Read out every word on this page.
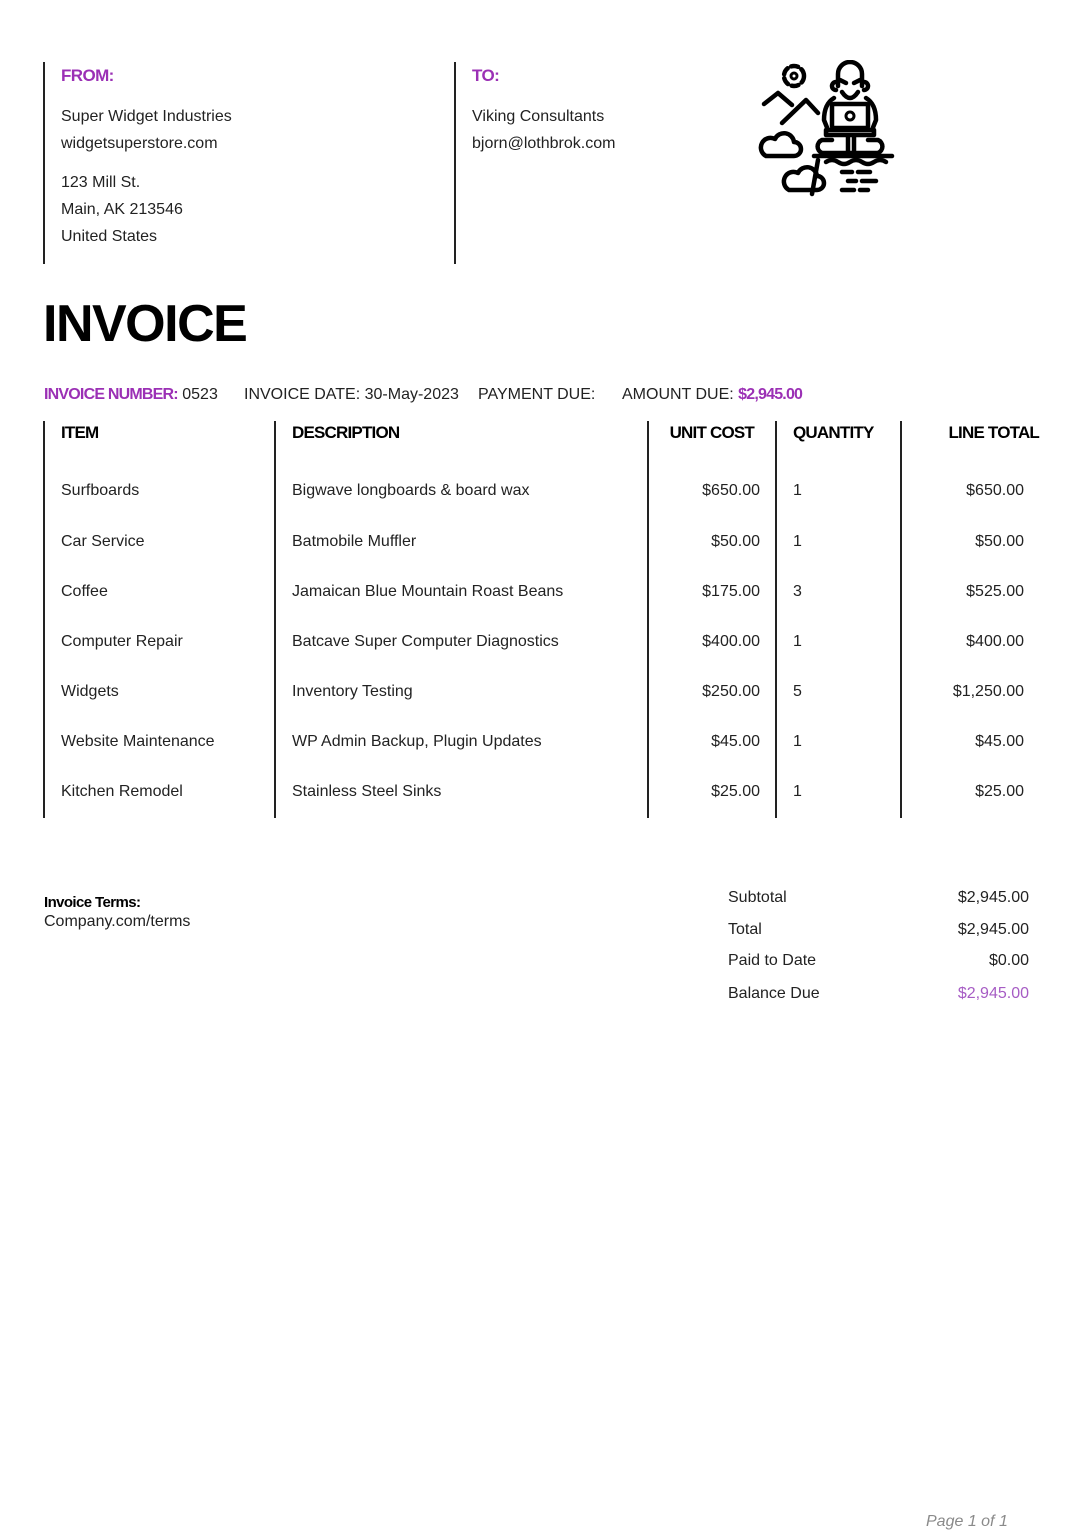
FROM:
Super Widget Industries
widgetsuperstore.com
123 Mill St.
Main, AK 213546
United States
TO:
Viking Consultants
bjorn@lothbrok.com
INVOICE
INVOICE NUMBER: 0523 INVOICE DATE: 30-May-2023 PAYMENT DUE: AMOUNT DUE: $2,945.00
ITEM	DESCRIPTION	UNIT COST QUANTITY	LINE TOTAL
Surfboards	Bigwave longboards & board wax	$650.00 1	$650.00
Car Service	Batmobile Muffler	$50.00 1	$50.00
Coffee	Jamaican Blue Mountain Roast Beans	$175.00 3	$525.00
Computer Repair	Batcave Super Computer Diagnostics	$400.00 1	$400.00
Widgets	Inventory Testing	$250.00 5	$1,250.00
Website Maintenance	WP Admin Backup, Plugin Updates	$45.00 1	$45.00
Kitchen Remodel	Stainless Steel Sinks	$25.00 1	$25.00
Invoice Terms:
Company.com/terms
Subtotal	$2,945.00
Total	$2,945.00
Paid to Date	$0.00
Balance Due	$2,945.00
Page 1 of 1
